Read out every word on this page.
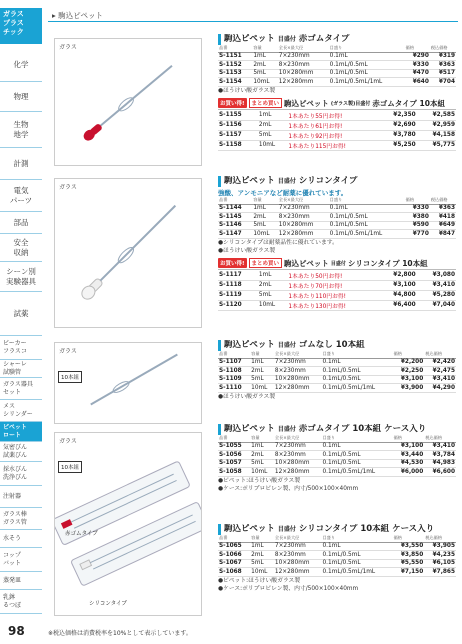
ガラス
プラス
チック
化学
物理
生物
地学
計測
電気
パーツ
部品
安全
収納
シーン別
実験器具
試薬
ビーカー
フラスコ
シャーレ
試験管
ガラス器具
セット
メス
シリンダー
ピペット
ロート
気密びん
試薬びん
採水びん
洗浄びん
注射器
ガラス棒
ガラス管
水そう
コップ
バット
蒸発皿
乳鉢
るつぼ
▸ 駒込ピペット
ガラス
ガラス
ガラス
10本組
ガラス
10本組
赤ゴムタイプ
シリコンタイプ
駒込ピペット 目盛付 赤ゴムタイプ
品番	容量	全長×最大径	目盛り	価格	税込価格
S-1151	1mL	7×230mm	0.1mL	¥290	¥319
S-1152	2mL	8×230mm	0.1mL/0.5mL	¥330	¥363
S-1153	5mL	10×280mm	0.1mL/0.5mL	¥470	¥517
S-1154	10mL	12×280mm	0.1mL/0.5mL/1mL	¥640	¥704
●ほうけい酸ガラス製
お買い得!	まとめ買い 駒込ピペット (ガラス製)目盛付 赤ゴムタイプ 10本組
S-1155	1mL	1本あたり55円お得!	¥2,350	¥2,585
S-1156	2mL	1本あたり61円お得!	¥2,690	¥2,959
S-1157	5mL	1本あたり92円お得!	¥3,780	¥4,158
S-1158	10mL	1本あたり115円お得!	¥5,250	¥5,775
駒込ピペット 目盛付 シリコンタイプ
強酸、アンモニアなど耐薬に優れています。
品番	容量	全長×最大径	目盛り	価格	税込価格
S-1144	1mL	7×230mm	0.1mL	¥330	¥363
S-1145	2mL	8×230mm	0.1mL/0.5mL	¥380	¥418
S-1146	5mL	10×280mm	0.1mL/0.5mL	¥590	¥649
S-1147	10mL	12×280mm	0.1mL/0.5mL/1mL	¥770	¥847
●シリコンタイプは耐薬品性に優れています。
●ほうけい酸ガラス製
お買い得!	まとめ買い 駒込ピペット 目盛付 シリコンタイプ 10本組
S-1117	1mL	1本あたり50円お得!	¥2,800	¥3,080
S-1118	2mL	1本あたり70円お得!	¥3,100	¥3,410
S-1119	5mL	1本あたり110円お得!	¥4,800	¥5,280
S-1120	10mL	1本あたり130円お得!	¥6,400	¥7,040
駒込ピペット 目盛付 ゴムなし 10本組
品番	容量	全長×最大径	目盛り	価格	税込価格
S-1107	1mL	7×230mm	0.1mL	¥2,200	¥2,420
S-1108	2mL	8×230mm	0.1mL/0.5mL	¥2,250	¥2,475
S-1109	5mL	10×280mm	0.1mL/0.5mL	¥3,100	¥3,410
S-1110	10mL	12×280mm	0.1mL/0.5mL/1mL	¥3,900	¥4,290
●ほうけい酸ガラス製
駒込ピペット 目盛付 赤ゴムタイプ 10本組 ケース入り
品番	容量	全長×最大径	目盛り	価格	税込価格
S-1055	1mL	7×230mm	0.1mL	¥3,100	¥3,410
S-1056	2mL	8×230mm	0.1mL/0.5mL	¥3,440	¥3,784
S-1057	5mL	10×280mm	0.1mL/0.5mL	¥4,530	¥4,983
S-1058	10mL	12×280mm	0.1mL/0.5mL/1mL	¥6,000	¥6,600
●ピペット:ほうけい酸ガラス製
●ケース:ポリプロピレン製、内寸/500×100×40mm
駒込ピペット 目盛付 シリコンタイプ 10本組 ケース入り
品番	容量	全長×最大径	目盛り	価格	税込価格
S-1065	1mL	7×230mm	0.1mL	¥3,550	¥3,905
S-1066	2mL	8×230mm	0.1mL/0.5mL	¥3,850	¥4,235
S-1067	5mL	10×280mm	0.1mL/0.5mL	¥5,550	¥6,105
S-1068	10mL	12×280mm	0.1mL/0.5mL/1mL	¥7,150	¥7,865
●ピペット:ほうけい酸ガラス製
●ケース:ポリプロピレン製、内寸/500×100×40mm
98	※税込価格は消費税率を10%として表示しています。
